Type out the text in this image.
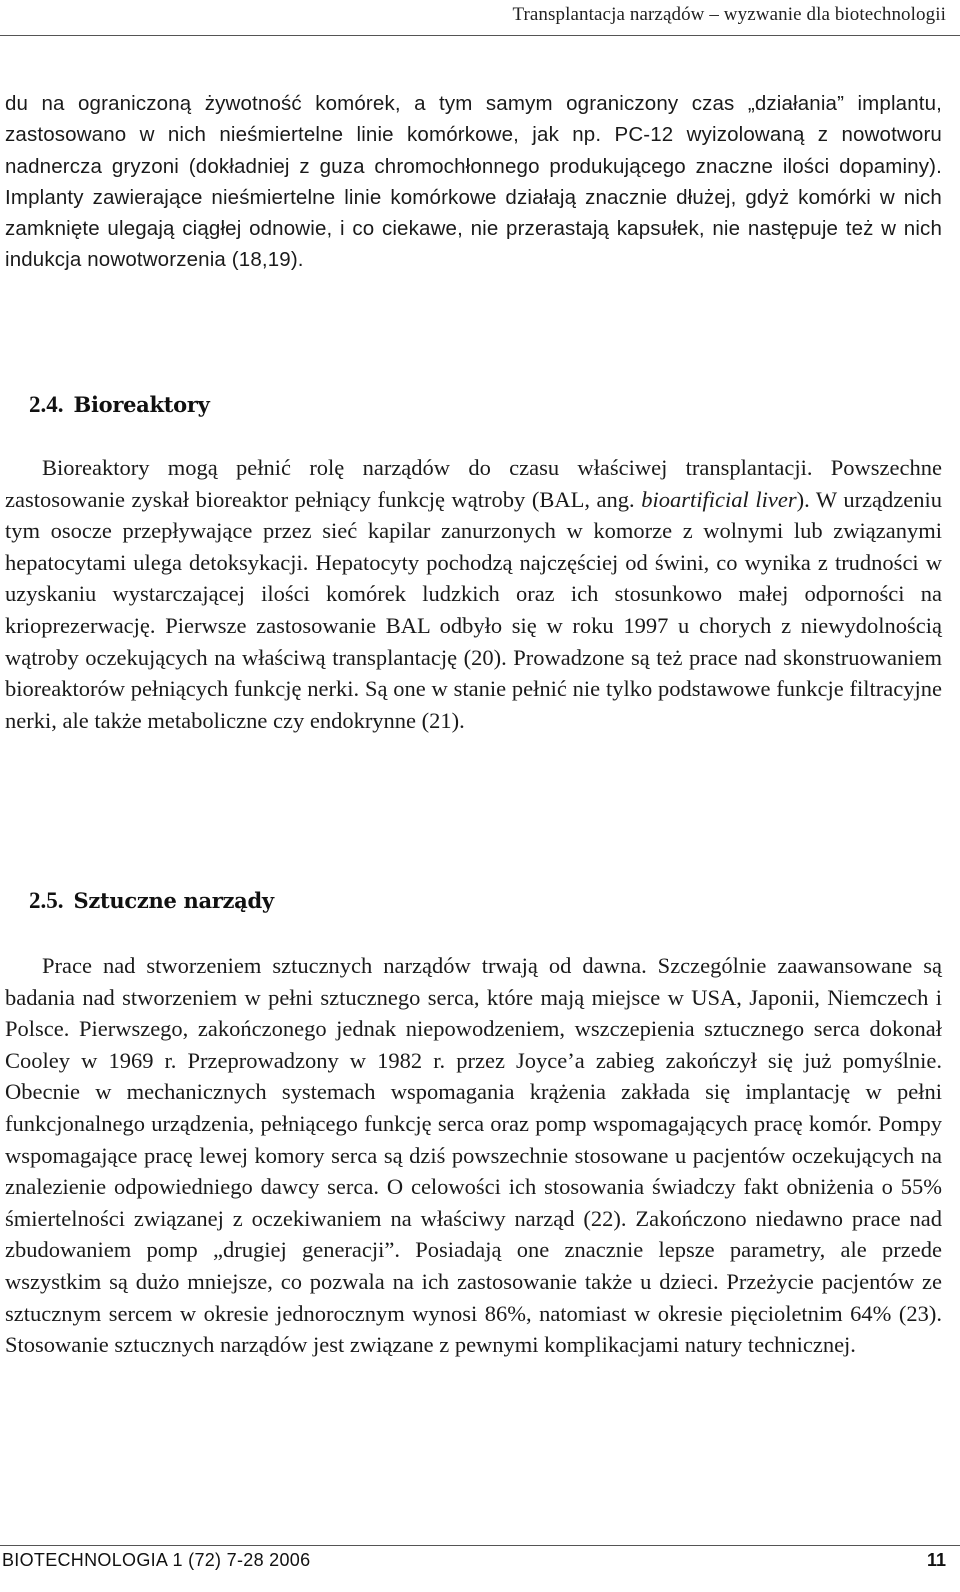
Transplantacja narządów – wyzwanie dla biotechnologii

du na ograniczoną żywotność komórek, a tym samym ograniczony czas „działania” implantu, zastosowano w nich nieśmiertelne linie komórkowe, jak np. PC-12 wyizolowaną z nowotworu nadnercza gryzoni (dokładniej z guza chromochłonnego produkującego znaczne ilości dopaminy). Implanty zawierające nieśmiertelne linie komórkowe działają znacznie dłużej, gdyż komórki w nich zamknięte ulegają ciągłej odnowie, i co ciekawe, nie przerastają kapsułek, nie następuje też w nich indukcja nowotworzenia (18,19).

2.4. Bioreaktory

Bioreaktory mogą pełnić rolę narządów do czasu właściwej transplantacji. Powszechne zastosowanie zyskał bioreaktor pełniący funkcję wątroby (BAL, ang. bioartificial liver). W urządzeniu tym osocze przepływające przez sieć kapilar zanurzonych w komorze z wolnymi lub związanymi hepatocytami ulega detoksykacji. Hepatocyty pochodzą najczęściej od świni, co wynika z trudności w uzyskaniu wystarczającej ilości komórek ludzkich oraz ich stosunkowo małej odporności na krioprezerwację. Pierwsze zastosowanie BAL odbyło się w roku 1997 u chorych z niewydolnością wątroby oczekujących na właściwą transplantację (20). Prowadzone są też prace nad skonstruowaniem bioreaktorów pełniących funkcję nerki. Są one w stanie pełnić nie tylko podstawowe funkcje filtracyjne nerki, ale także metaboliczne czy endokrynne (21).

2.5. Sztuczne narządy

Prace nad stworzeniem sztucznych narządów trwają od dawna. Szczególnie zaawansowane są badania nad stworzeniem w pełni sztucznego serca, które mają miejsce w USA, Japonii, Niemczech i Polsce. Pierwszego, zakończonego jednak niepowodzeniem, wszczepienia sztucznego serca dokonał Cooley w 1969 r. Przeprowadzony w 1982 r. przez Joyce’a zabieg zakończył się już pomyślnie. Obecnie w mechanicznych systemach wspomagania krążenia zakłada się implantację w pełni funkcjonalnego urządzenia, pełniącego funkcję serca oraz pomp wspomagających pracę komór. Pompy wspomagające pracę lewej komory serca są dziś powszechnie stosowane u pacjentów oczekujących na znalezienie odpowiedniego dawcy serca. O celowości ich stosowania świadczy fakt obniżenia o 55% śmiertelności związanej z oczekiwaniem na właściwy narząd (22). Zakończono niedawno prace nad zbudowaniem pomp „drugiej generacji”. Posiadają one znacznie lepsze parametry, ale przede wszystkim są dużo mniejsze, co pozwala na ich zastosowanie także u dzieci. Przeżycie pacjentów ze sztucznym sercem w okresie jednorocznym wynosi 86%, natomiast w okresie pięcioletnim 64% (23). Stosowanie sztucznych narządów jest związane z pewnymi komplikacjami natury technicznej.

BIOTECHNOLOGIA 1 (72) 7-28 2006	11
